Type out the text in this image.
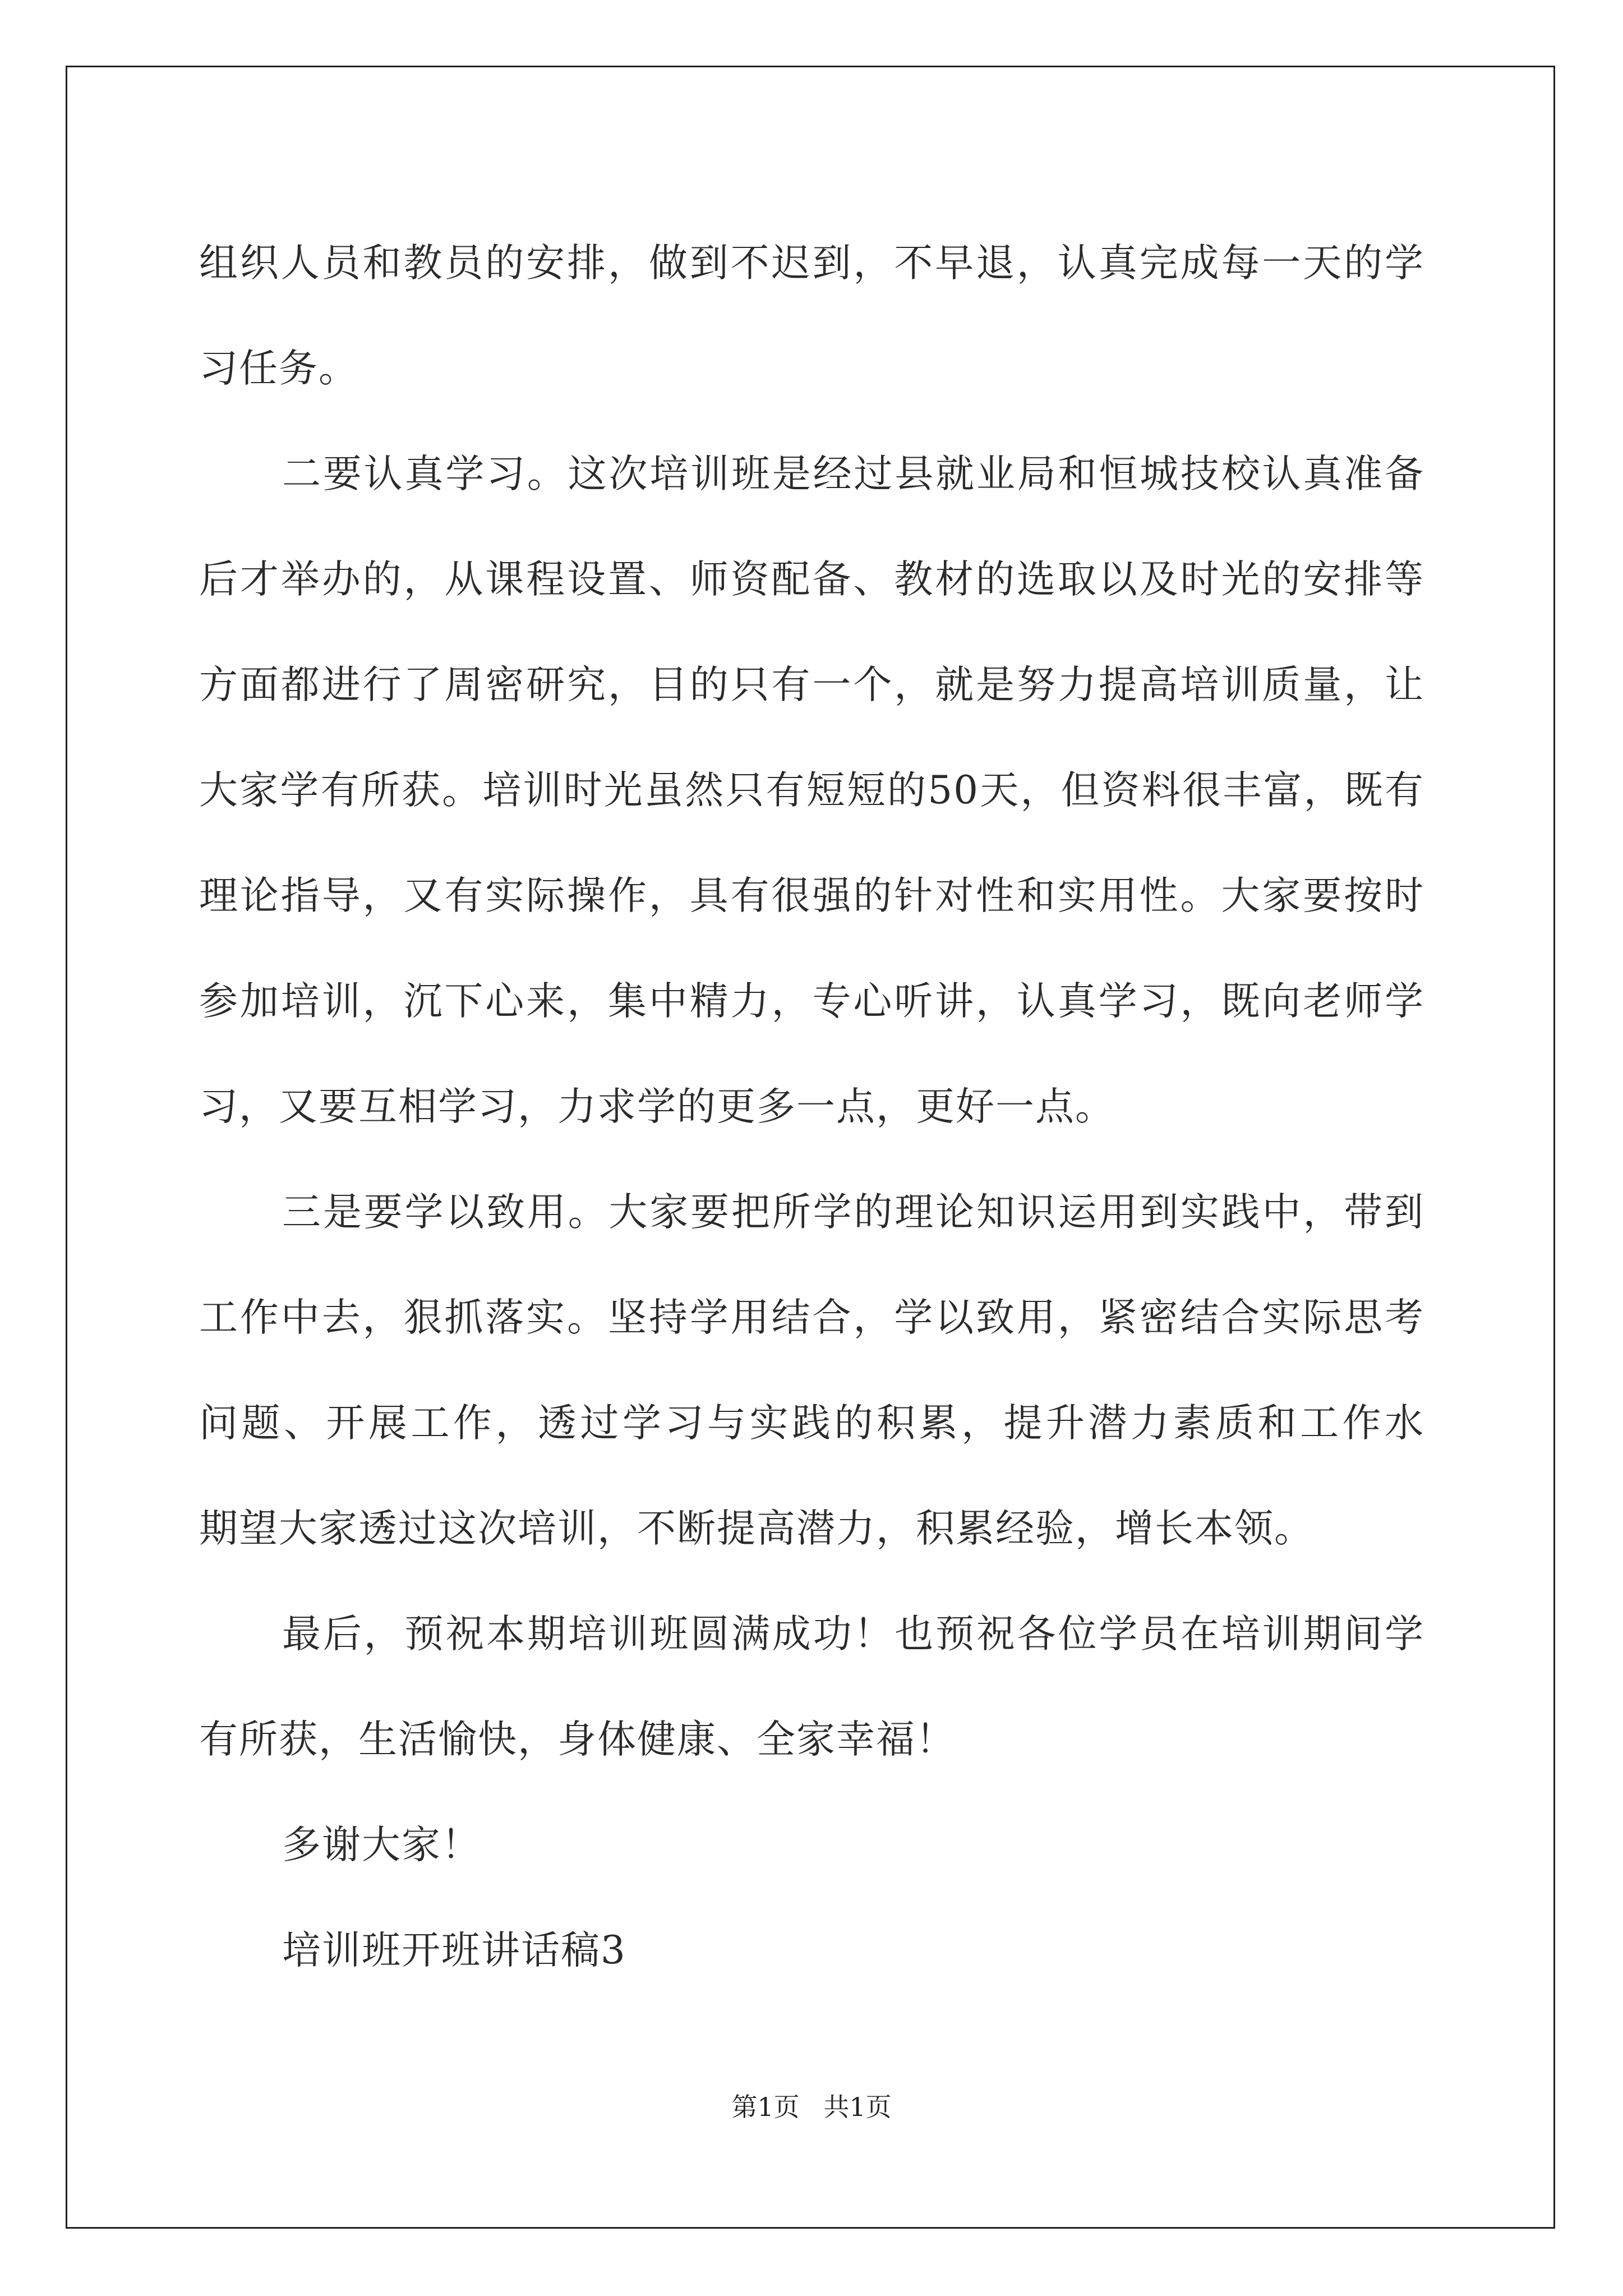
组织人员和教员的安排，做到不迟到，不早退，认真完成每一天的学
习任务。
二要认真学习。这次培训班是经过县就业局和恒城技校认真准备
后才举办的，从课程设置、师资配备、教材的选取以及时光的安排等
方面都进行了周密研究，目的只有一个，就是努力提高培训质量，让
大家学有所获。培训时光虽然只有短短的50天，但资料很丰富，既有
理论指导，又有实际操作，具有很强的针对性和实用性。大家要按时
参加培训，沉下心来，集中精力，专心听讲，认真学习，既向老师学
习，又要互相学习，力求学的更多一点，更好一点。
三是要学以致用。大家要把所学的理论知识运用到实践中，带到
工作中去，狠抓落实。坚持学用结合，学以致用，紧密结合实际思考
问题、开展工作，透过学习与实践的积累，提升潜力素质和工作水
期望大家透过这次培训，不断提高潜力，积累经验，增长本领。
最后，预祝本期培训班圆满成功！也预祝各位学员在培训期间学
有所获，生活愉快，身体健康、全家幸福！
多谢大家！
培训班开班讲话稿3
第1页 共1页
